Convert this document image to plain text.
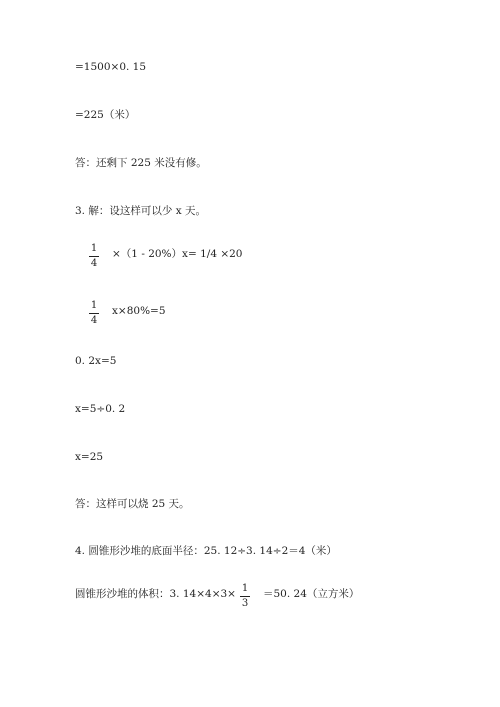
=1500×0. 15
=225（米）
答：还剩下 225 米没有修。
3. 解：设这样可以少 x 天。
1
4
×（1 - 20%）x= 1/4 ×20
1
4
x×80%=5
0. 2x=5
x=5÷0. 2
x=25
答：这样可以烧 25 天。
4. 圆锥形沙堆的底面半径：25. 12÷3. 14÷2＝4（米）
圆锥形沙堆的体积：3. 14×4×3× 1
3
＝50. 24（立方米）
